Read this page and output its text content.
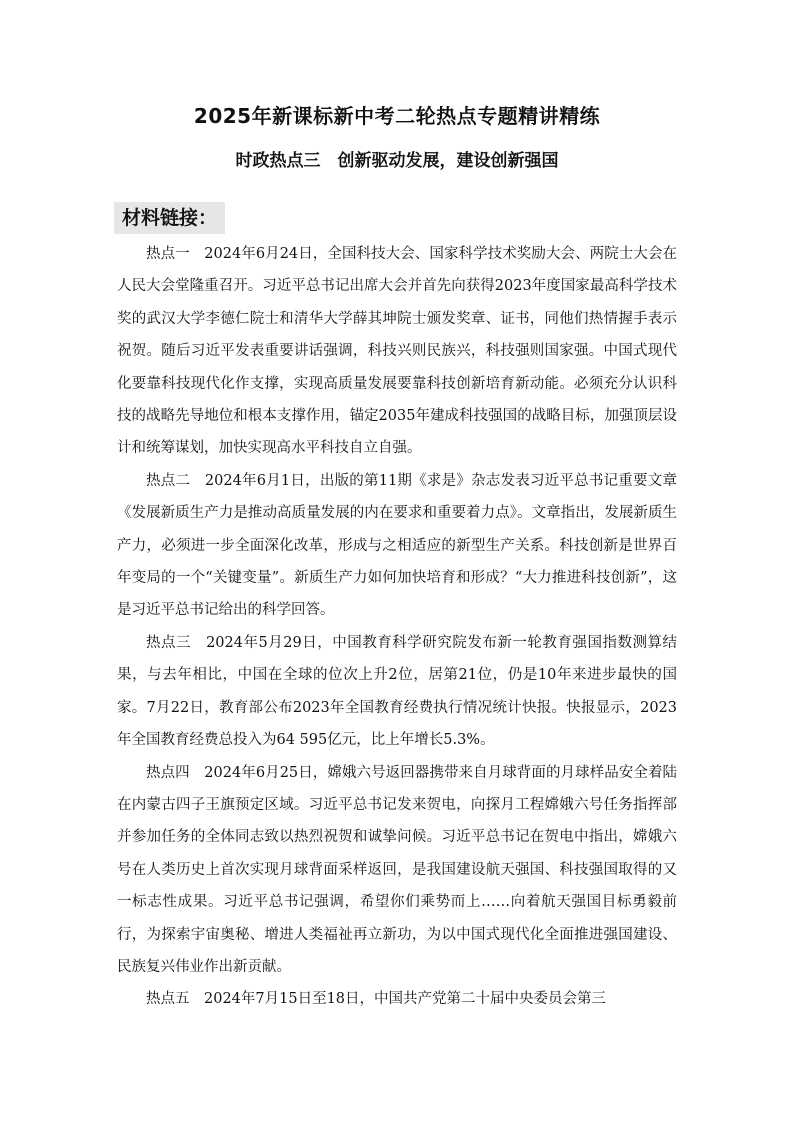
2025年新课标新中考二轮热点专题精讲精练
时政热点三　创新驱动发展，建设创新强国
材料链接：

热点一　2024年6月24日，全国科技大会、国家科学技术奖励大会、两院士大会在人民大会堂隆重召开。习近平总书记出席大会并首先向获得2023年度国家最高科学技术奖的武汉大学李德仁院士和清华大学薛其坤院士颁发奖章、证书，同他们热情握手表示祝贺。随后习近平发表重要讲话强调，科技兴则民族兴，科技强则国家强。中国式现代化要靠科技现代化作支撑，实现高质量发展要靠科技创新培育新动能。必须充分认识科技的战略先导地位和根本支撑作用，锚定2035年建成科技强国的战略目标，加强顶层设计和统筹谋划，加快实现高水平科技自立自强。

热点二　2024年6月1日，出版的第11期《求是》杂志发表习近平总书记重要文章《发展新质生产力是推动高质量发展的内在要求和重要着力点》。文章指出，发展新质生产力，必须进一步全面深化改革，形成与之相适应的新型生产关系。科技创新是世界百年变局的一个“关键变量”。新质生产力如何加快培育和形成？“大力推进科技创新”，这是习近平总书记给出的科学回答。

热点三　2024年5月29日，中国教育科学研究院发布新一轮教育强国指数测算结果，与去年相比，中国在全球的位次上升2位，居第21位，仍是10年来进步最快的国家。7月22日，教育部公布2023年全国教育经费执行情况统计快报。快报显示，2023年全国教育经费总投入为64 595亿元，比上年增长5.3%。

热点四　2024年6月25日，嫦娥六号返回器携带来自月球背面的月球样品安全着陆在内蒙古四子王旗预定区域。习近平总书记发来贺电，向探月工程嫦娥六号任务指挥部并参加任务的全体同志致以热烈祝贺和诚挚问候。习近平总书记在贺电中指出，嫦娥六号在人类历史上首次实现月球背面采样返回，是我国建设航天强国、科技强国取得的又一标志性成果。习近平总书记强调，希望你们乘势而上……向着航天强国目标勇毅前行，为探索宇宙奥秘、增进人类福祉再立新功，为以中国式现代化全面推进强国建设、民族复兴伟业作出新贡献。

热点五　2024年7月15日至18日，中国共产党第二十届中央委员会第三
